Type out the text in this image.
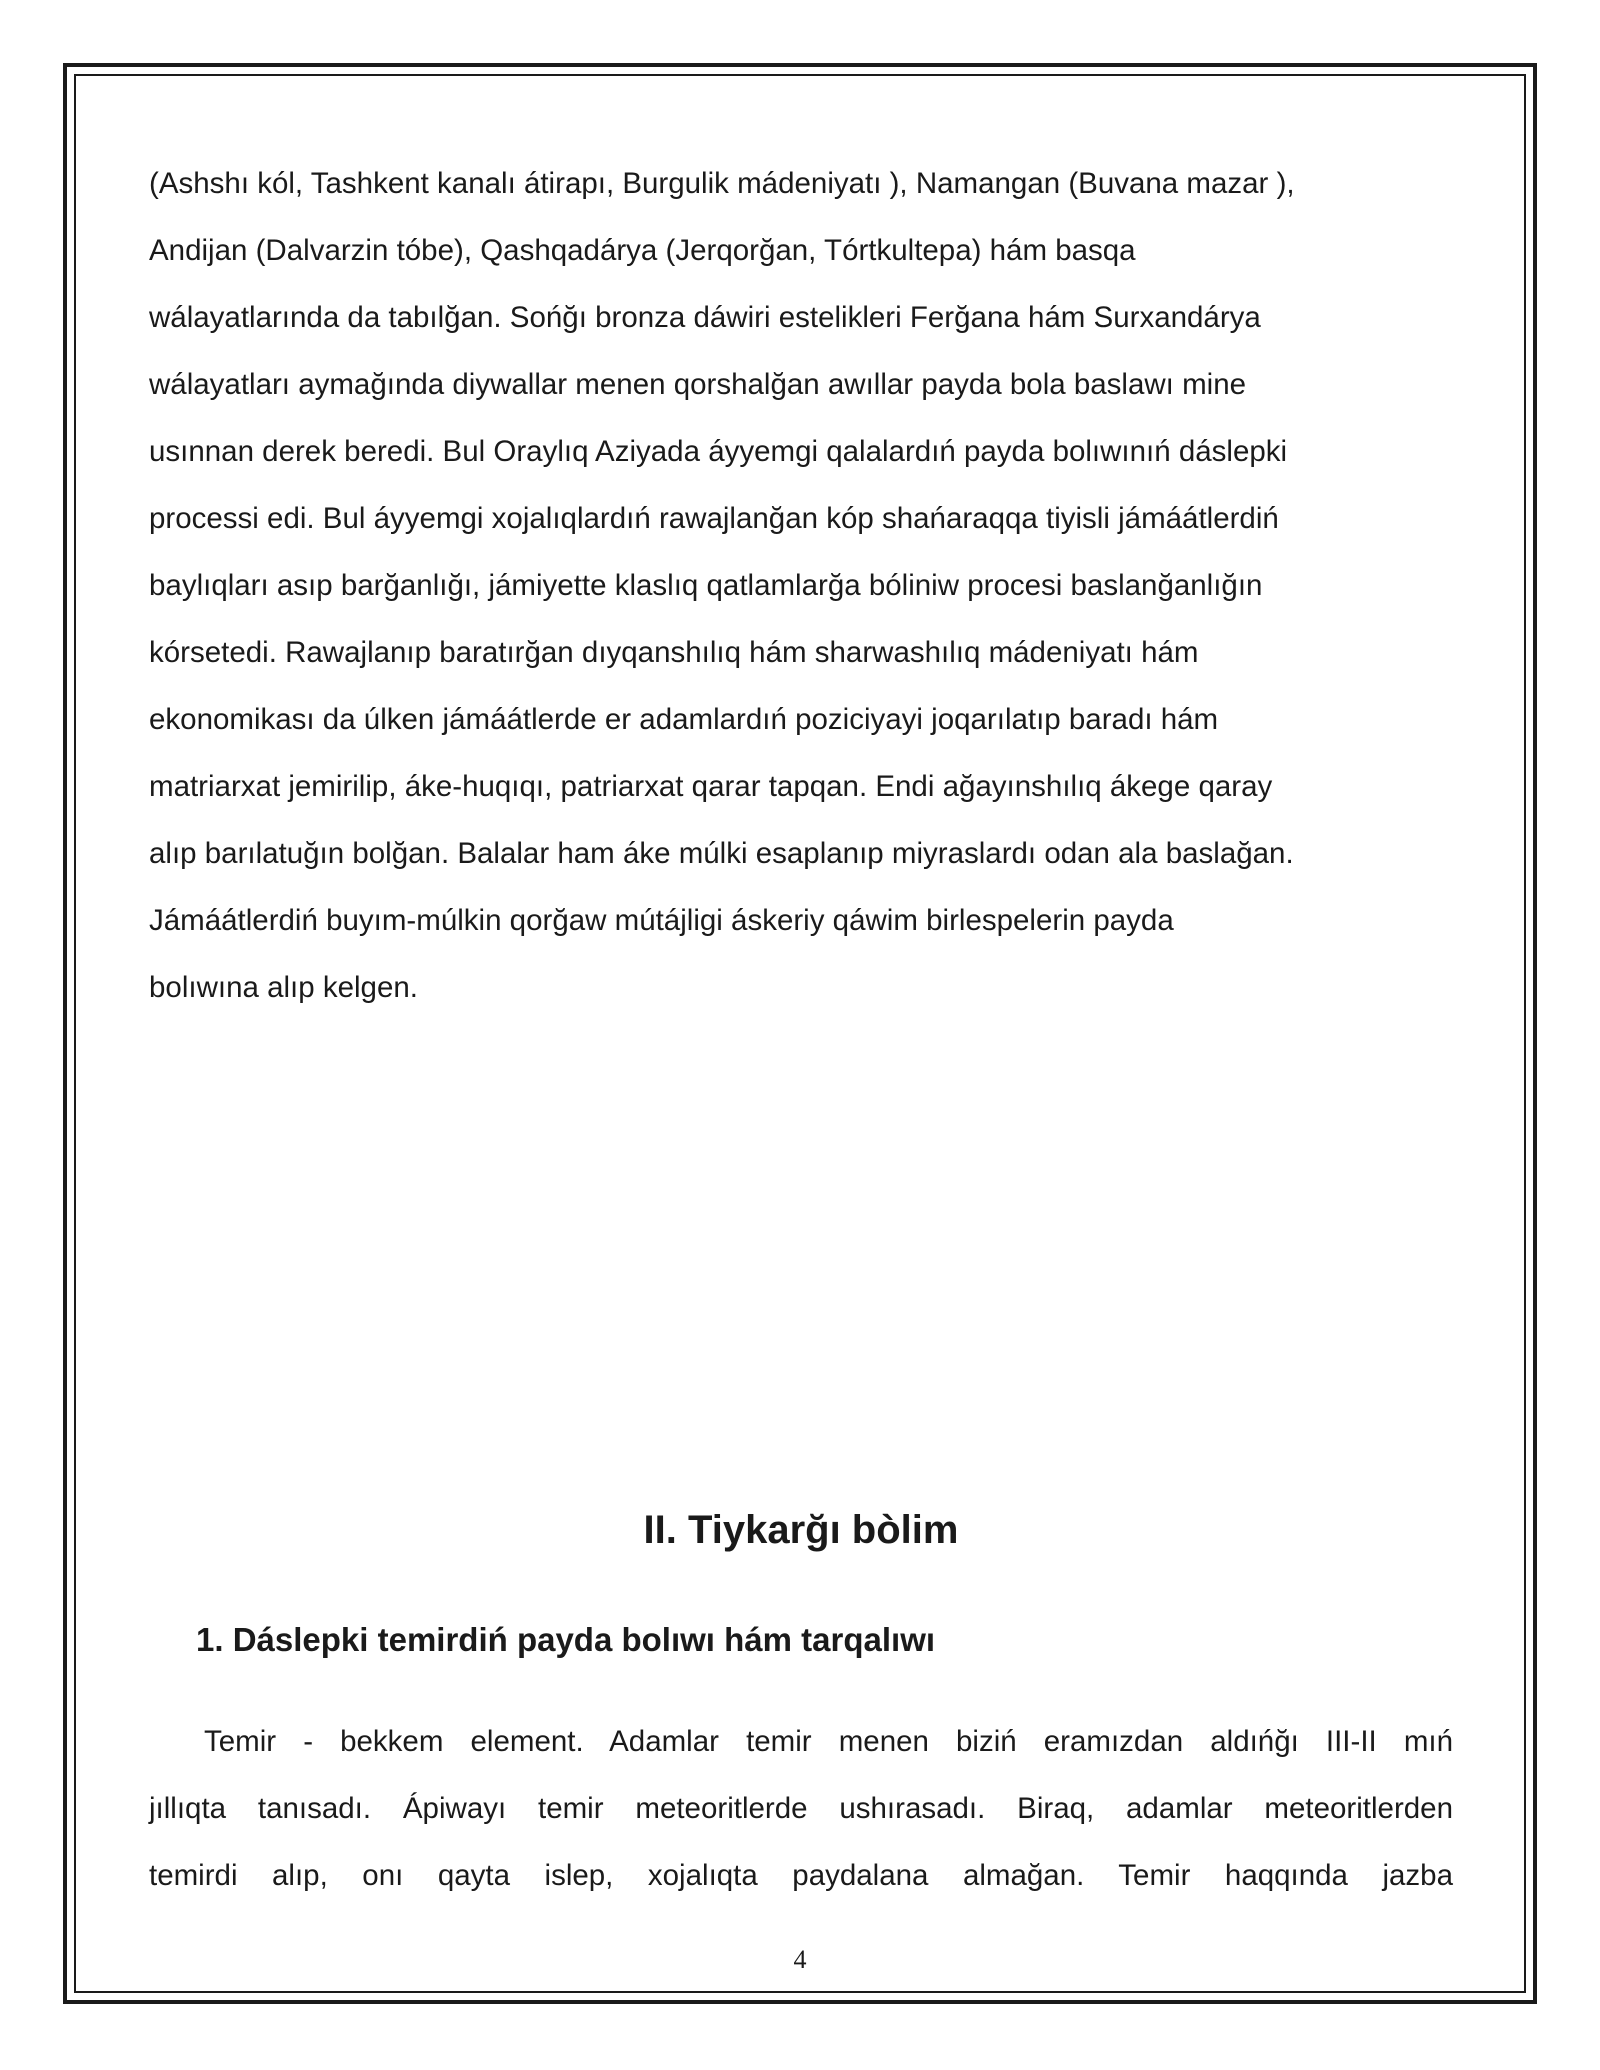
(Ashshı kól, Tashkent kanalı átirapı, Burgulik mádeniyatı ), Namangan (Buvana mazar ),

Andijan (Dalvarzin tóbe), Qashqadárya (Jerqorğan, Tórtkultepa) hám basqa

wálayatlarında da tabılğan. Sońğı bronza dáwiri estelikleri Ferğana hám Surxandárya

wálayatları aymağında diywallar menen qorshalğan awıllar payda bola baslawı mine

usınnan derek beredi. Bul Oraylıq Aziyada áyyemgi qalalardıń payda bolıwınıń dáslepki

processi edi. Bul áyyemgi xojalıqlardıń rawajlanğan kóp shańaraqqa tiyisli jámáátlerdiń

baylıqları asıp barğanlığı, jámiyette klaslıq qatlamlarğa bóliniw procesi baslanğanlığın

kórsetedi. Rawajlanıp baratırğan dıyqanshılıq hám sharwashılıq mádeniyatı hám

ekonomikası da úlken jámáátlerde er adamlardıń poziciyayi joqarılatıp baradı hám

matriarxat jemirilip, áke-huqıqı, patriarxat qarar tapqan. Endi ağayınshılıq ákege qaray

alıp barılatuğın bolğan. Balalar ham áke múlki esaplanıp miyraslardı odan ala baslağan.

Jámáátlerdiń buyım-múlkin qorğaw mútájligi áskeriy qáwim birlespelerin payda

bolıwına alıp kelgen.

II. Tiykarğı bòlim
1. Dáslepki temirdiń payda bolıwı hám tarqalıwı

Temir - bekkem element. Adamlar temir menen biziń eramızdan aldıńğı III-II mıń

jıllıqta tanısadı. Ápiwayı temir meteoritlerde ushırasadı. Biraq, adamlar meteoritlerden

temirdi alıp, onı qayta islep, xojalıqta paydalana almağan. Temir haqqında jazba

4
